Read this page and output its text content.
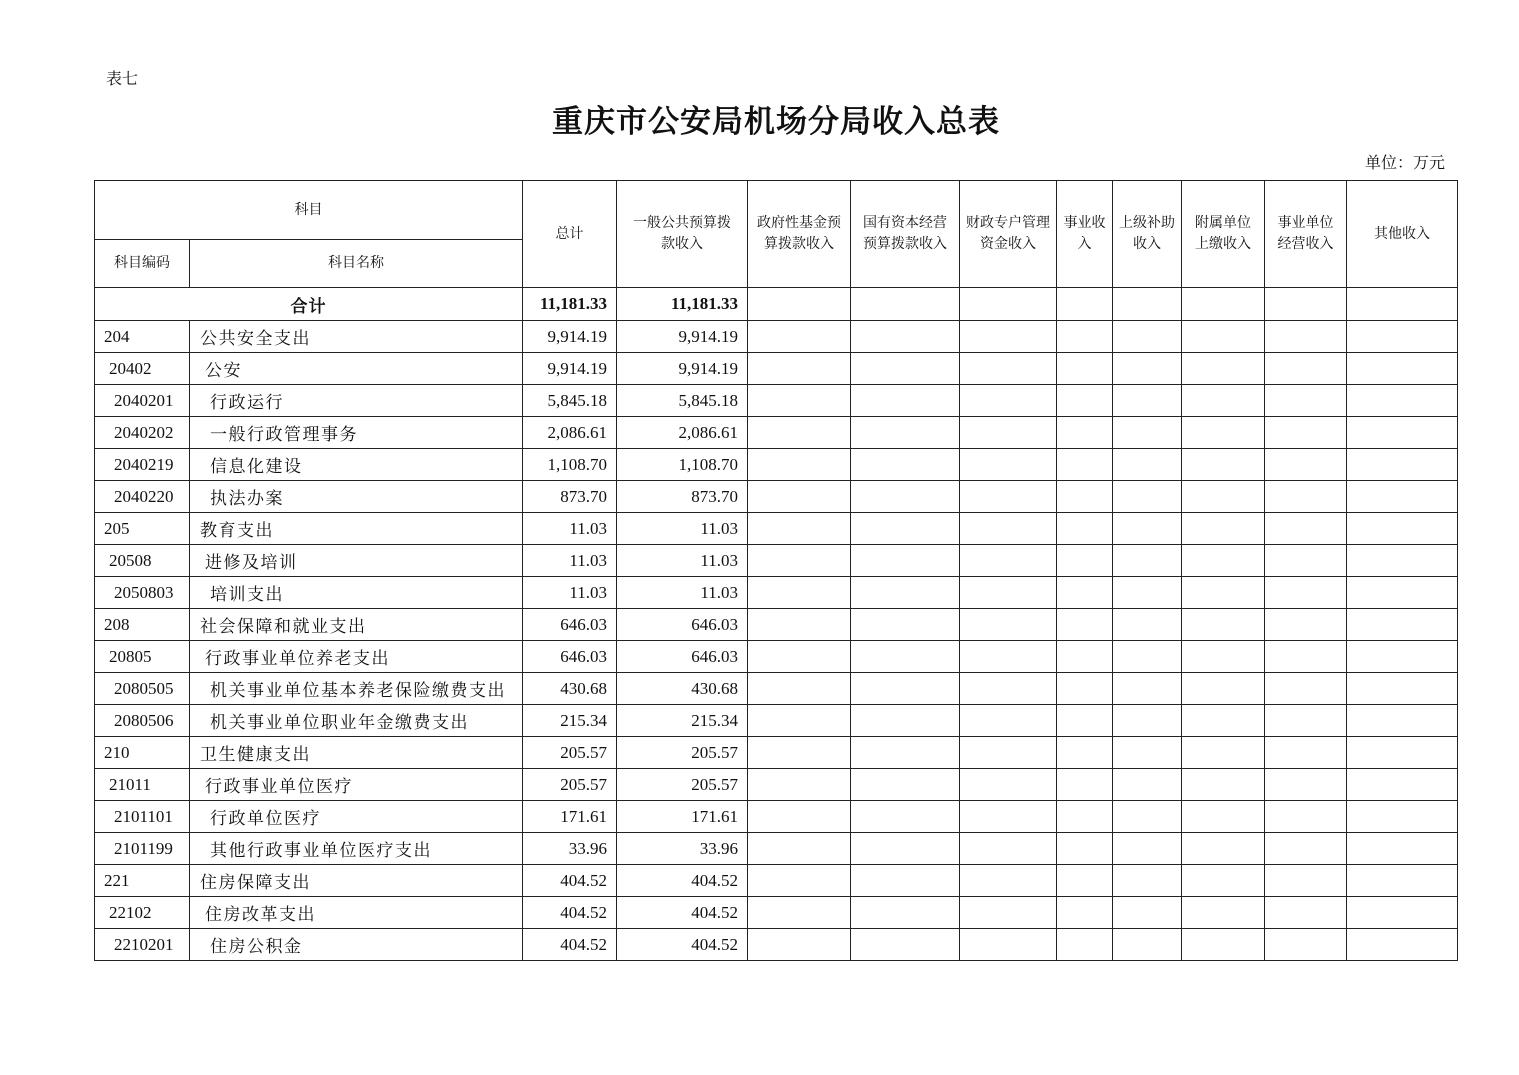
表七
重庆市公安局机场分局收入总表
单位：万元
科目		总计	一般公共预算拨款收入	政府性基金预算拨款收入	国有资本经营预算拨款收入	财政专户管理资金收入	事业收入	上级补助收入	附属单位上缴收入	事业单位经营收入	其他收入

科目编码	科目名称										
合计		11,181.33	11,181.33								
204	公共安全支出	9,914.19	9,914.19								
20402	公安	9,914.19	9,914.19								
2040201	行政运行	5,845.18	5,845.18								
2040202	一般行政管理事务	2,086.61	2,086.61								
2040219	信息化建设	1,108.70	1,108.70								
2040220	执法办案	873.70	873.70								
205	教育支出	11.03	11.03								
20508	进修及培训	11.03	11.03								
2050803	培训支出	11.03	11.03								
208	社会保障和就业支出	646.03	646.03								
20805	行政事业单位养老支出	646.03	646.03								
2080505	机关事业单位基本养老保险缴费支出	430.68	430.68								
2080506	机关事业单位职业年金缴费支出	215.34	215.34								
210	卫生健康支出	205.57	205.57								
21011	行政事业单位医疗	205.57	205.57								
2101101	行政单位医疗	171.61	171.61								
2101199	其他行政事业单位医疗支出	33.96	33.96								
221	住房保障支出	404.52	404.52								
22102	住房改革支出	404.52	404.52								
2210201	住房公积金	404.52	404.52								
